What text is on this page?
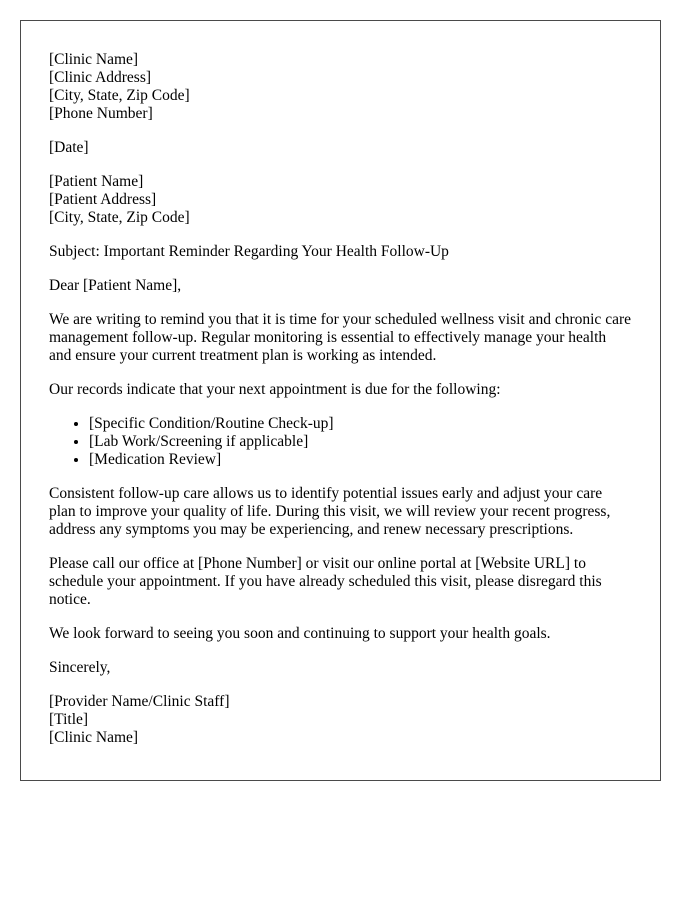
[Clinic Name]
[Clinic Address]
[City, State, Zip Code]
[Phone Number]
[Date]
[Patient Name]
[Patient Address]
[City, State, Zip Code]

Subject: Important Reminder Regarding Your Health Follow-Up

Dear [Patient Name],

We are writing to remind you that it is time for your scheduled wellness visit and chronic care management follow-up. Regular monitoring is essential to effectively manage your health and ensure your current treatment plan is working as intended.

Our records indicate that your next appointment is due for the following:

• [Specific Condition/Routine Check-up]
• [Lab Work/Screening if applicable]
• [Medication Review]

Consistent follow-up care allows us to identify potential issues early and adjust your care plan to improve your quality of life. During this visit, we will review your recent progress, address any symptoms you may be experiencing, and renew necessary prescriptions.

Please call our office at [Phone Number] or visit our online portal at [Website URL] to schedule your appointment. If you have already scheduled this visit, please disregard this notice.

We look forward to seeing you soon and continuing to support your health goals.

Sincerely,

[Provider Name/Clinic Staff]
[Title]
[Clinic Name]
